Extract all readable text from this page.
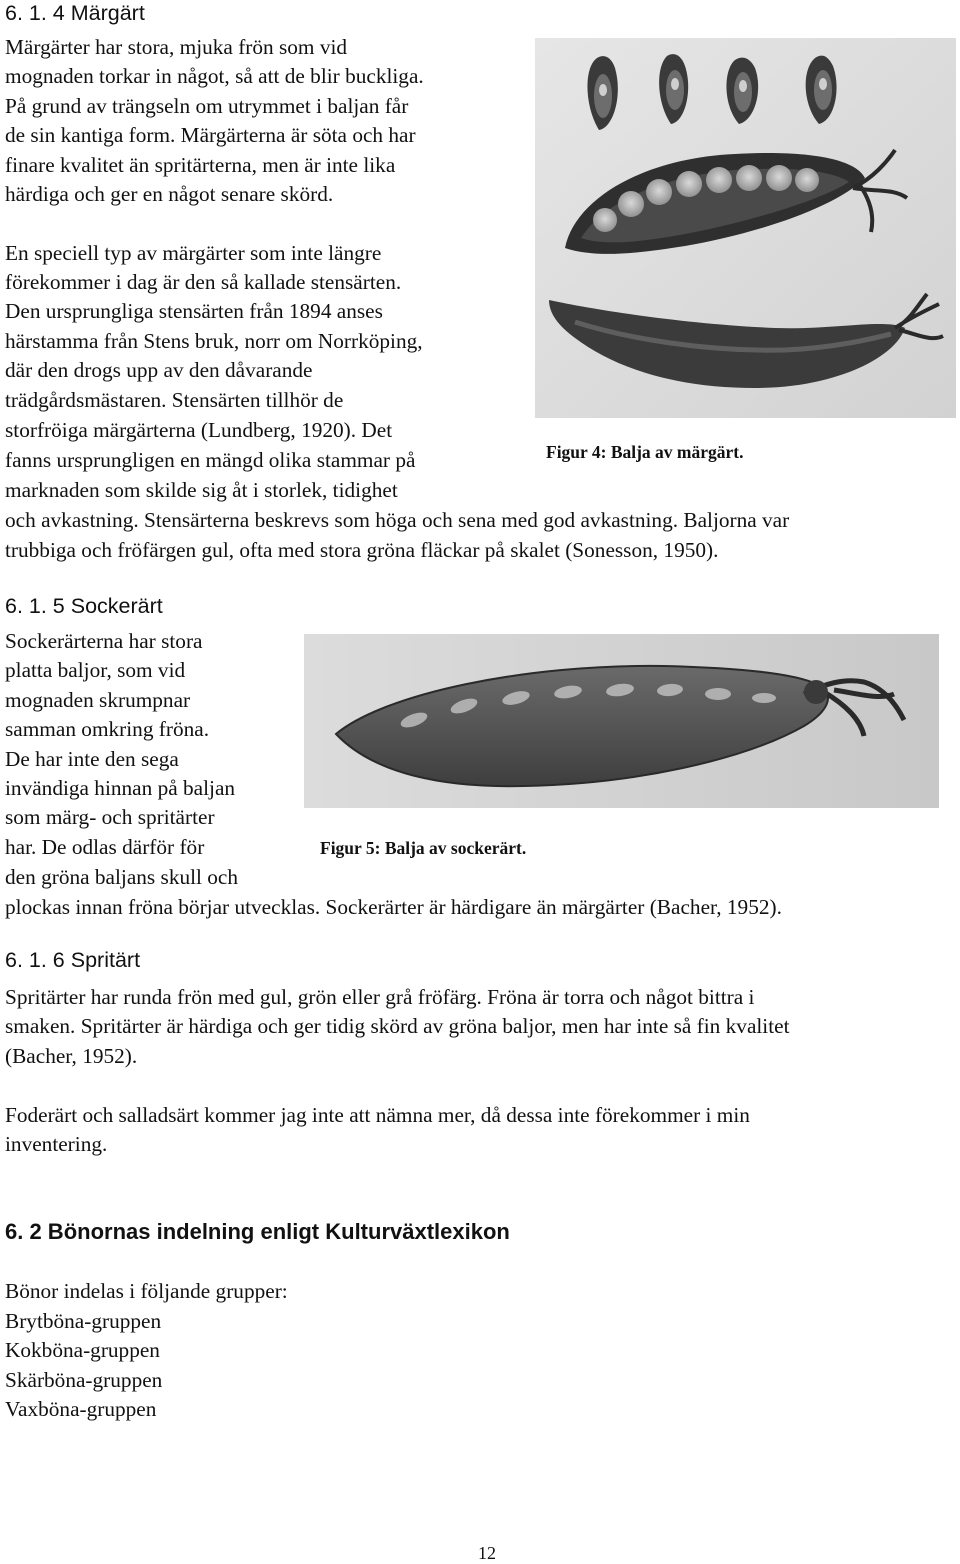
6. 1. 4 Märgärt
Märgärter har stora, mjuka frön som vid
mognaden torkar in något, så att de blir buckliga.
På grund av trängseln om utrymmet i baljan får
de sin kantiga form. Märgärterna är söta och har
finare kvalitet än spritärterna, men är inte lika
härdiga och ger en något senare skörd.
En speciell typ av märgärter som inte längre
förekommer i dag är den så kallade stensärten.
Den ursprungliga stensärten från 1894 anses
härstamma från Stens bruk, norr om Norrköping,
där den drogs upp av den dåvarande
trädgårdsmästaren. Stensärten tillhör de
storfröiga märgärterna (Lundberg, 1920). Det
fanns ursprungligen en mängd olika stammar på
marknaden som skilde sig åt i storlek, tidighet
och avkastning. Stensärterna beskrevs som höga och sena med god avkastning. Baljorna var
trubbiga och fröfärgen gul, ofta med stora gröna fläckar på skalet (Sonesson, 1950).
Figur 4: Balja av märgärt.
6. 1. 5 Sockerärt
Sockerärterna har stora
platta baljor, som vid
mognaden skrumpnar
samman omkring fröna.
De har inte den sega
invändiga hinnan på baljan
som märg- och spritärter
har. De odlas därför för
den gröna baljans skull och
plockas innan fröna börjar utvecklas. Sockerärter är härdigare än märgärter (Bacher, 1952).
Figur 5: Balja av sockerärt.
6. 1. 6 Spritärt
Spritärter har runda frön med gul, grön eller grå fröfärg. Fröna är torra och något bittra i
smaken. Spritärter är härdiga och ger tidig skörd av gröna baljor, men har inte så fin kvalitet
(Bacher, 1952).
Foderärt och salladsärt kommer jag inte att nämna mer, då dessa inte förekommer i min
inventering.
6. 2 Bönornas indelning enligt Kulturväxtlexikon
Bönor indelas i följande grupper:
Brytböna-gruppen
Kokböna-gruppen
Skärböna-gruppen
Vaxböna-gruppen
12
